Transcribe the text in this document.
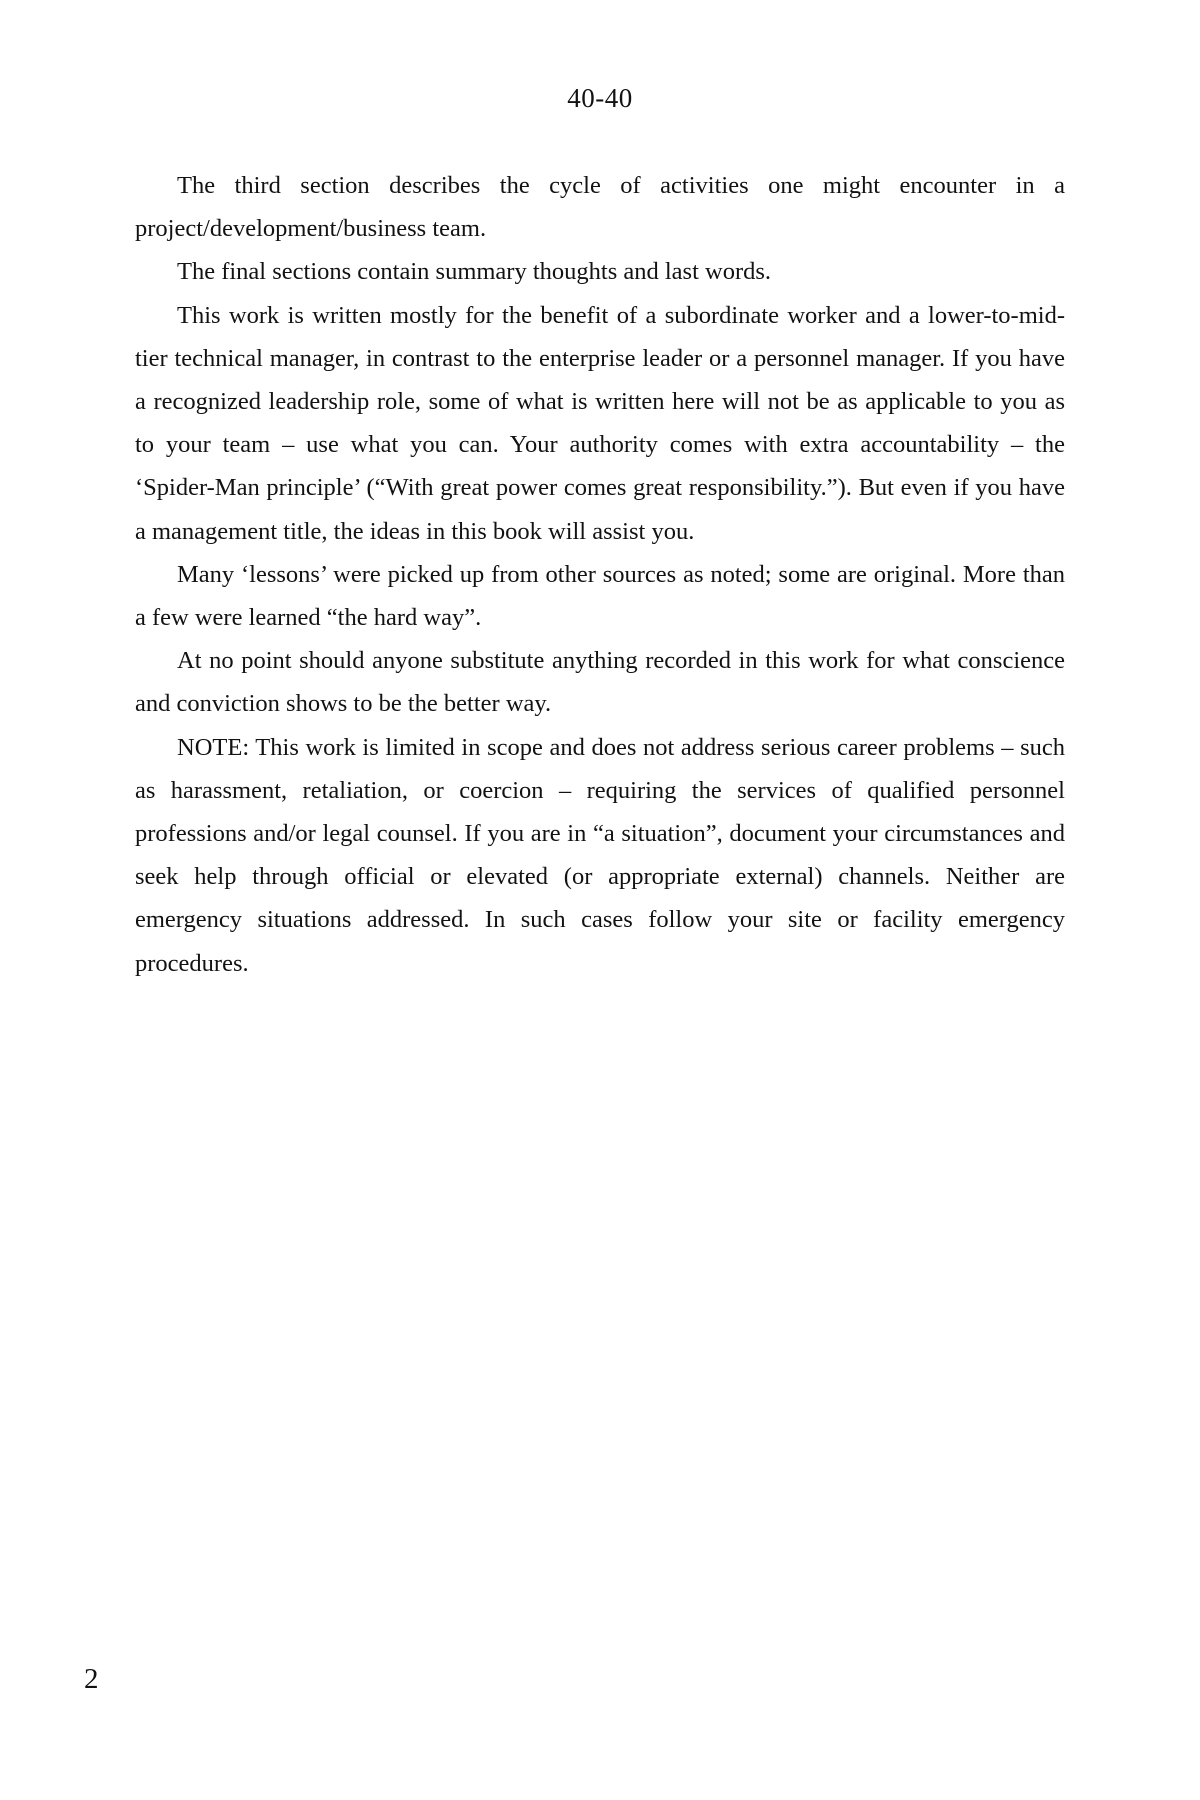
40-40

The third section describes the cycle of activities one might encounter in a project/development/business team.

The final sections contain summary thoughts and last words.

This work is written mostly for the benefit of a subordinate worker and a lower-to-mid-tier technical manager, in contrast to the enterprise leader or a personnel manager. If you have a recognized leadership role, some of what is written here will not be as applicable to you as to your team – use what you can. Your authority comes with extra accountability – the ‘Spider-Man principle’ (“With great power comes great responsibility.”). But even if you have a management title, the ideas in this book will assist you.

Many ‘lessons’ were picked up from other sources as noted; some are original. More than a few were learned “the hard way”.

At no point should anyone substitute anything recorded in this work for what conscience and conviction shows to be the better way.

NOTE: This work is limited in scope and does not address serious career problems – such as harassment, retaliation, or coercion – requiring the services of qualified personnel professions and/or legal counsel. If you are in “a situation”, document your circumstances and seek help through official or elevated (or appropriate external) channels. Neither are emergency situations addressed. In such cases follow your site or facility emergency procedures.

2
